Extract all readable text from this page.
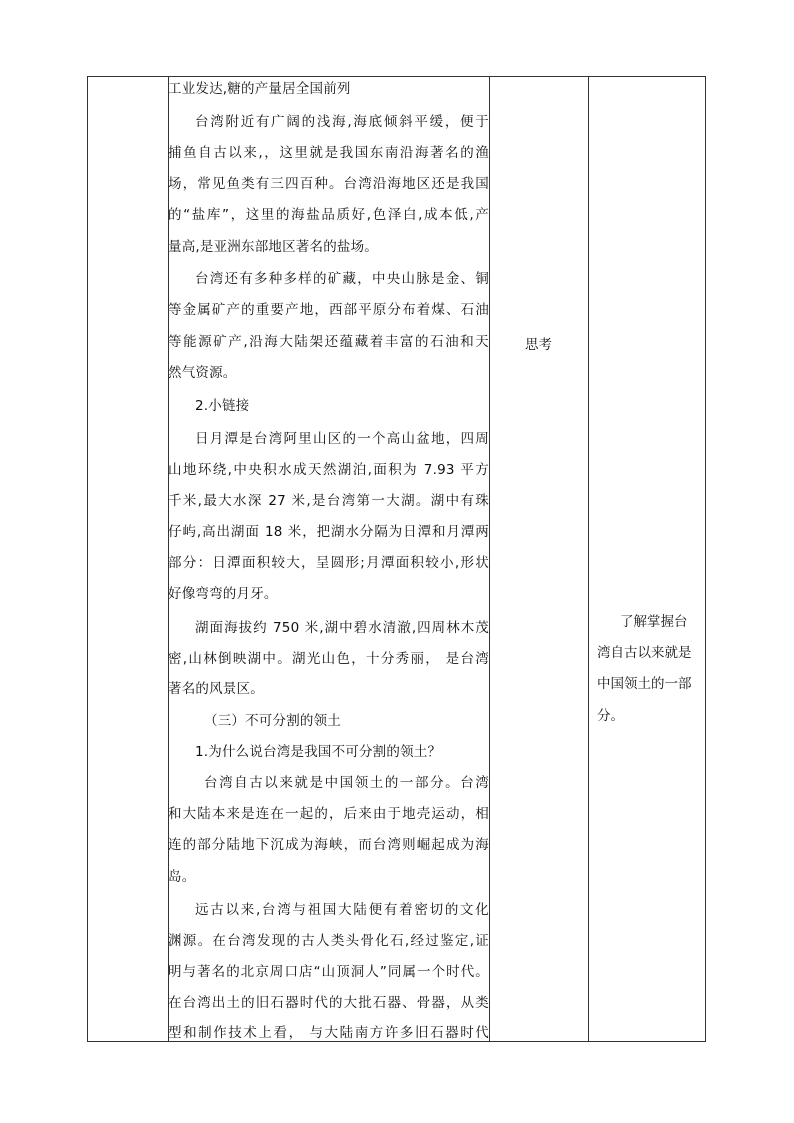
工业发达,糖的产量居全国前列
台湾附近有广阔的浅海,海底倾斜平缓，便于
捕鱼自古以来,，这里就是我国东南沿海著名的渔
场，常见鱼类有三四百种。台湾沿海地区还是我国
的“盐库”，这里的海盐品质好,色泽白,成本低,产
量高,是亚洲东部地区著名的盐场。
台湾还有多种多样的矿藏，中央山脉是金、铜
等金属矿产的重要产地，西部平原分布着煤、石油
等能源矿产,沿海大陆架还蕴藏着丰富的石油和天
然气资源。
2.小链接
日月潭是台湾阿里山区的一个高山盆地，四周
山地环绕,中央积水成天然湖泊,面积为 7.93 平方
千米,最大水深 27 米,是台湾第一大湖。湖中有珠
仔屿,高出湖面 18 米，把湖水分隔为日潭和月潭两
部分：日潭面积较大，呈圆形;月潭面积较小,形状
好像弯弯的月牙。
湖面海拔约 750 米,湖中碧水清澈,四周林木茂
密,山林倒映湖中。湖光山色，十分秀丽， 是台湾
著名的风景区。
（三）不可分割的领土
1.为什么说台湾是我国不可分割的领土？
台湾自古以来就是中国领土的一部分。台湾
和大陆本来是连在一起的，后来由于地壳运动，相
连的部分陆地下沉成为海峡，而台湾则崛起成为海
岛。
远古以来,台湾与祖国大陆便有着密切的文化
渊源。在台湾发现的古人类头骨化石,经过鉴定,证
明与著名的北京周口店“山顶洞人”同属一个时代。
在台湾出土的旧石器时代的大批石器、骨器，从类
型和制作技术上看， 与大陆南方许多旧石器时代
思考
了解掌握台
湾自古以来就是
中国领土的一部
分。
